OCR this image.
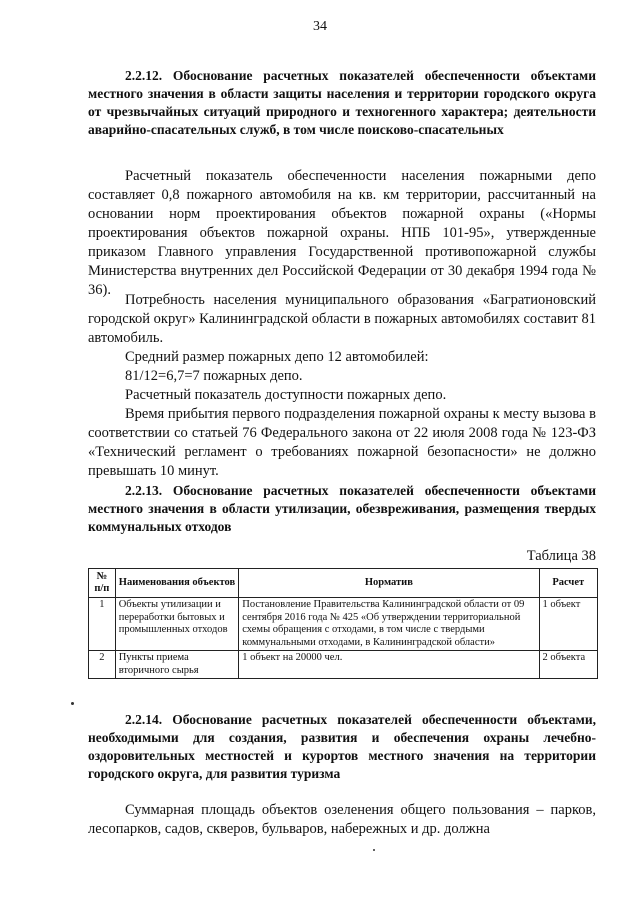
34

2.2.12. Обоснование расчетных показателей обеспеченности объектами местного значения в области защиты населения и территории городского округа от чрезвычайных ситуаций природного и техногенного характера; деятельности аварийно-спасательных служб, в том числе поисково-спасательных

Расчетный показатель обеспеченности населения пожарными депо составляет 0,8 пожарного автомобиля на кв. км территории, рассчитанный на основании норм проектирования объектов пожарной охраны («Нормы проектирования объектов пожарной охраны. НПБ 101-95», утвержденные приказом Главного управления Государственной противопожарной службы Министерства внутренних дел Российской Федерации от 30 декабря 1994 года № 36).

Потребность населения муниципального образования «Багратионовский городской округ» Калининградской области в пожарных автомобилях составит 81 автомобиль.

Средний размер пожарных депо 12 автомобилей:

81/12=6,7=7 пожарных депо.

Расчетный показатель доступности пожарных депо.

Время прибытия первого подразделения пожарной охраны к месту вызова в соответствии со статьей 76 Федерального закона от 22 июля 2008 года № 123-ФЗ «Технический регламент о требованиях пожарной безопасности» не должно превышать 10 минут.

2.2.13. Обоснование расчетных показателей обеспеченности объектами местного значения в области утилизации, обезвреживания, размещения твердых коммунальных отходов

Таблица 38
№ п/п	Наименования объектов	Норматив	Расчет
1	Объекты утилизации и переработки бытовых и промышленных отходов	Постановление Правительства Калининградской области от 09 сентября 2016 года № 425 «Об утверждении территориальной схемы обращения с отходами, в том числе с твердыми коммунальными отходами, в Калининградской области»	1 объект
2	Пункты приема вторичного сырья	1 объект на 20000 чел.	2 объекта

2.2.14. Обоснование расчетных показателей обеспеченности объектами, необходимыми для создания, развития и обеспечения охраны лечебно-оздоровительных местностей и курортов местного значения на территории городского округа, для развития туризма

Суммарная площадь объектов озеленения общего пользования – парков, лесопарков, садов, скверов, бульваров, набережных и др. должна
